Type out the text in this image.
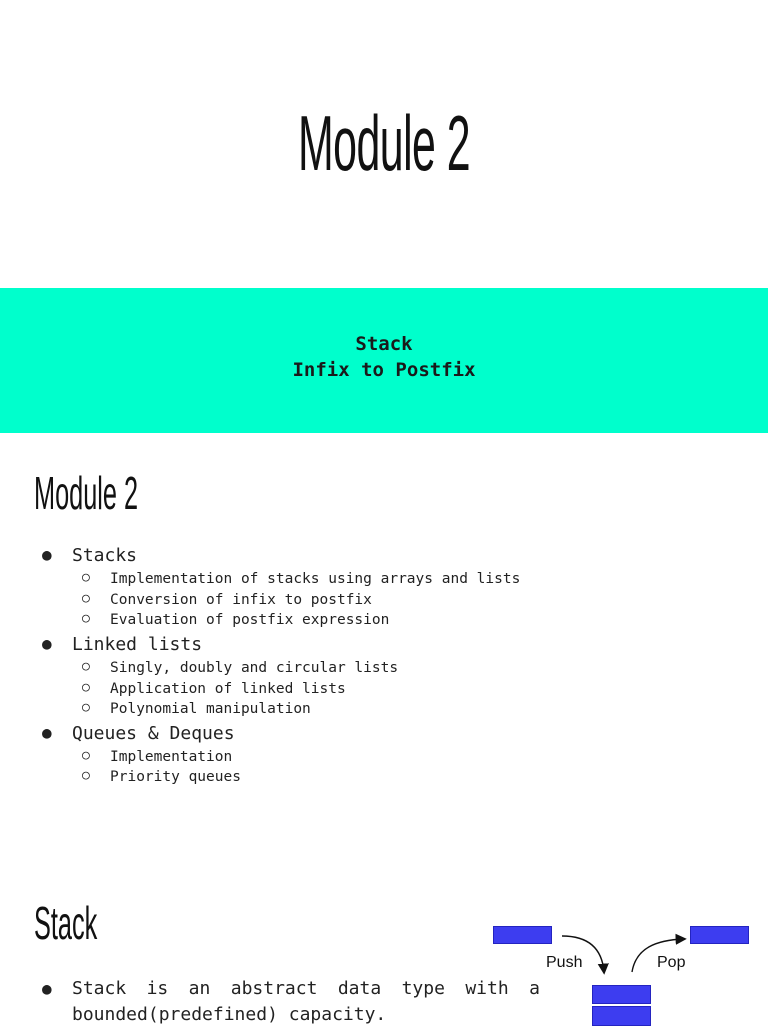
Module 2
Stack
Infix to Postfix
Module 2
● Stacks
○ Implementation of stacks using arrays and lists
○ Conversion of infix to postfix
○ Evaluation of postfix expression
● Linked lists
○ Singly, doubly and circular lists
○ Application of linked lists
○ Polynomial manipulation
● Queues & Deques
○ Implementation
○ Priority queues
Stack
● Stack is an abstract data type with a
bounded(predefined) capacity.
Push	Pop
